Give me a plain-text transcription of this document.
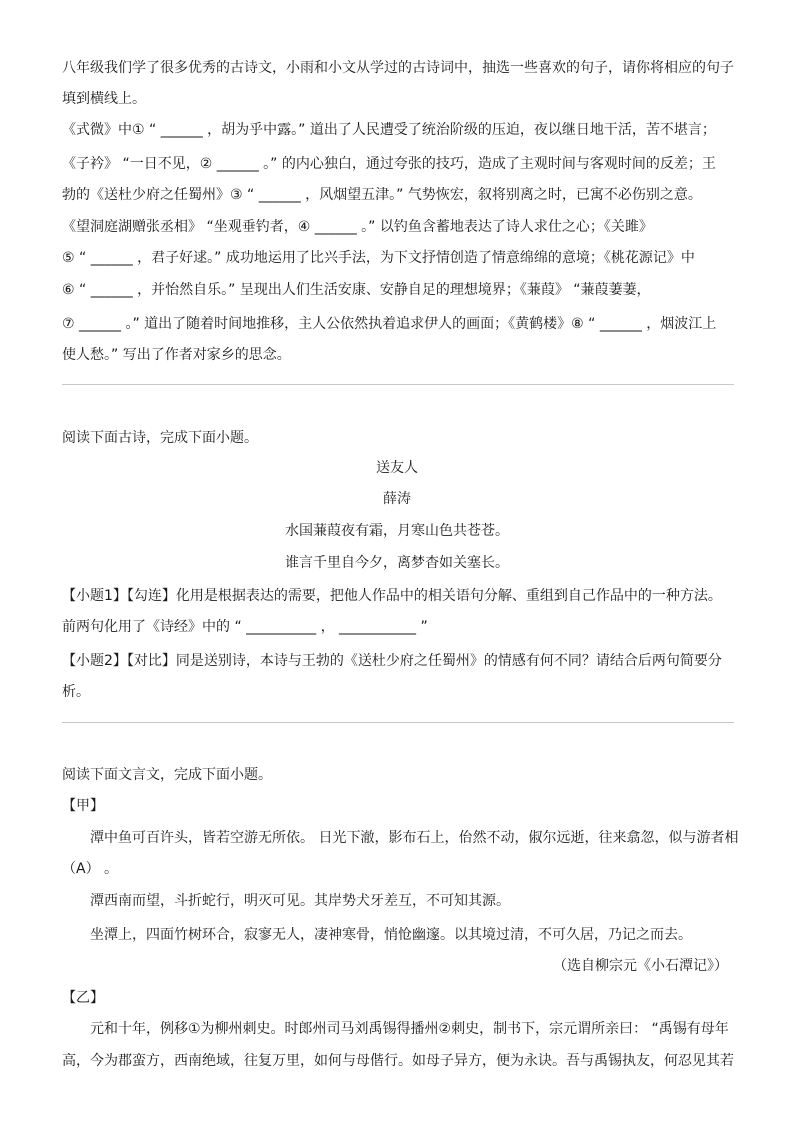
八年级我们学了很多优秀的古诗文，小雨和小文从学过的古诗词中，抽选一些喜欢的句子，请你将相应的句子
填到横线上。
《式微》中① “ ______ ，胡为乎中露。” 道出了人民遭受了统治阶级的压迫，夜以继日地干活，苦不堪言；
《子衿》 “一日不见，② ______ 。” 的内心独白，通过夸张的技巧，造成了主观时间与客观时间的反差；王
勃的《送杜少府之任蜀州》③ “ ______ ，风烟望五津。” 气势恢宏，叙将别离之时，已寓不必伤别之意。
《望洞庭湖赠张丞相》 “坐观垂钓者，④ ______ 。” 以钓鱼含蓄地表达了诗人求仕之心；《关雎》
⑤ “ ______ ，君子好逑。” 成功地运用了比兴手法，为下文抒情创造了情意绵绵的意境；《桃花源记》中
⑥ “ ______ ，并怡然自乐。” 呈现出人们生活安康、安静自足的理想境界；《蒹葭》 “蒹葭萋萋，
⑦ ______ 。” 道出了随着时间地推移，主人公依然执着追求伊人的画面；《黄鹤楼》⑧ “ ______ ，烟波江上
使人愁。” 写出了作者对家乡的思念。
阅读下面古诗，完成下面小题。
送友人
薛涛
水国蒹葭夜有霜，月寒山色共苍苍。
谁言千里自今夕，离梦杳如关塞长。
【小题1】【勾连】化用是根据表达的需要，把他人作品中的相关语句分解、重组到自己作品中的一种方法。
前两句化用了《诗经》中的 “ __________ ， ___________ ”
【小题2】【对比】同是送别诗，本诗与王勃的《送杜少府之任蜀州》的情感有何不同？请结合后两句简要分
析。
阅读下面文言文，完成下面小题。
【甲】
潭中鱼可百许头，皆若空游无所依。 日光下澈，影布石上，佁然不动，俶尔远逝，往来翕忽，似与游者相
（A） 。
潭西南而望，斗折蛇行，明灭可见。其岸势犬牙差互，不可知其源。
坐潭上，四面竹树环合，寂寥无人，凄神寒骨，悄怆幽邃。以其境过清，不可久居，乃记之而去。
（选自柳宗元《小石潭记》）
【乙】
元和十年，例移①为柳州刺史。时郎州司马刘禹锡得播州②刺史，制书下，宗元谓所亲曰： “禹锡有母年
高，今为郡蛮方，西南绝域，往复万里，如何与母偕行。如母子异方，便为永诀。吾与禹锡执友，何忍见其若
